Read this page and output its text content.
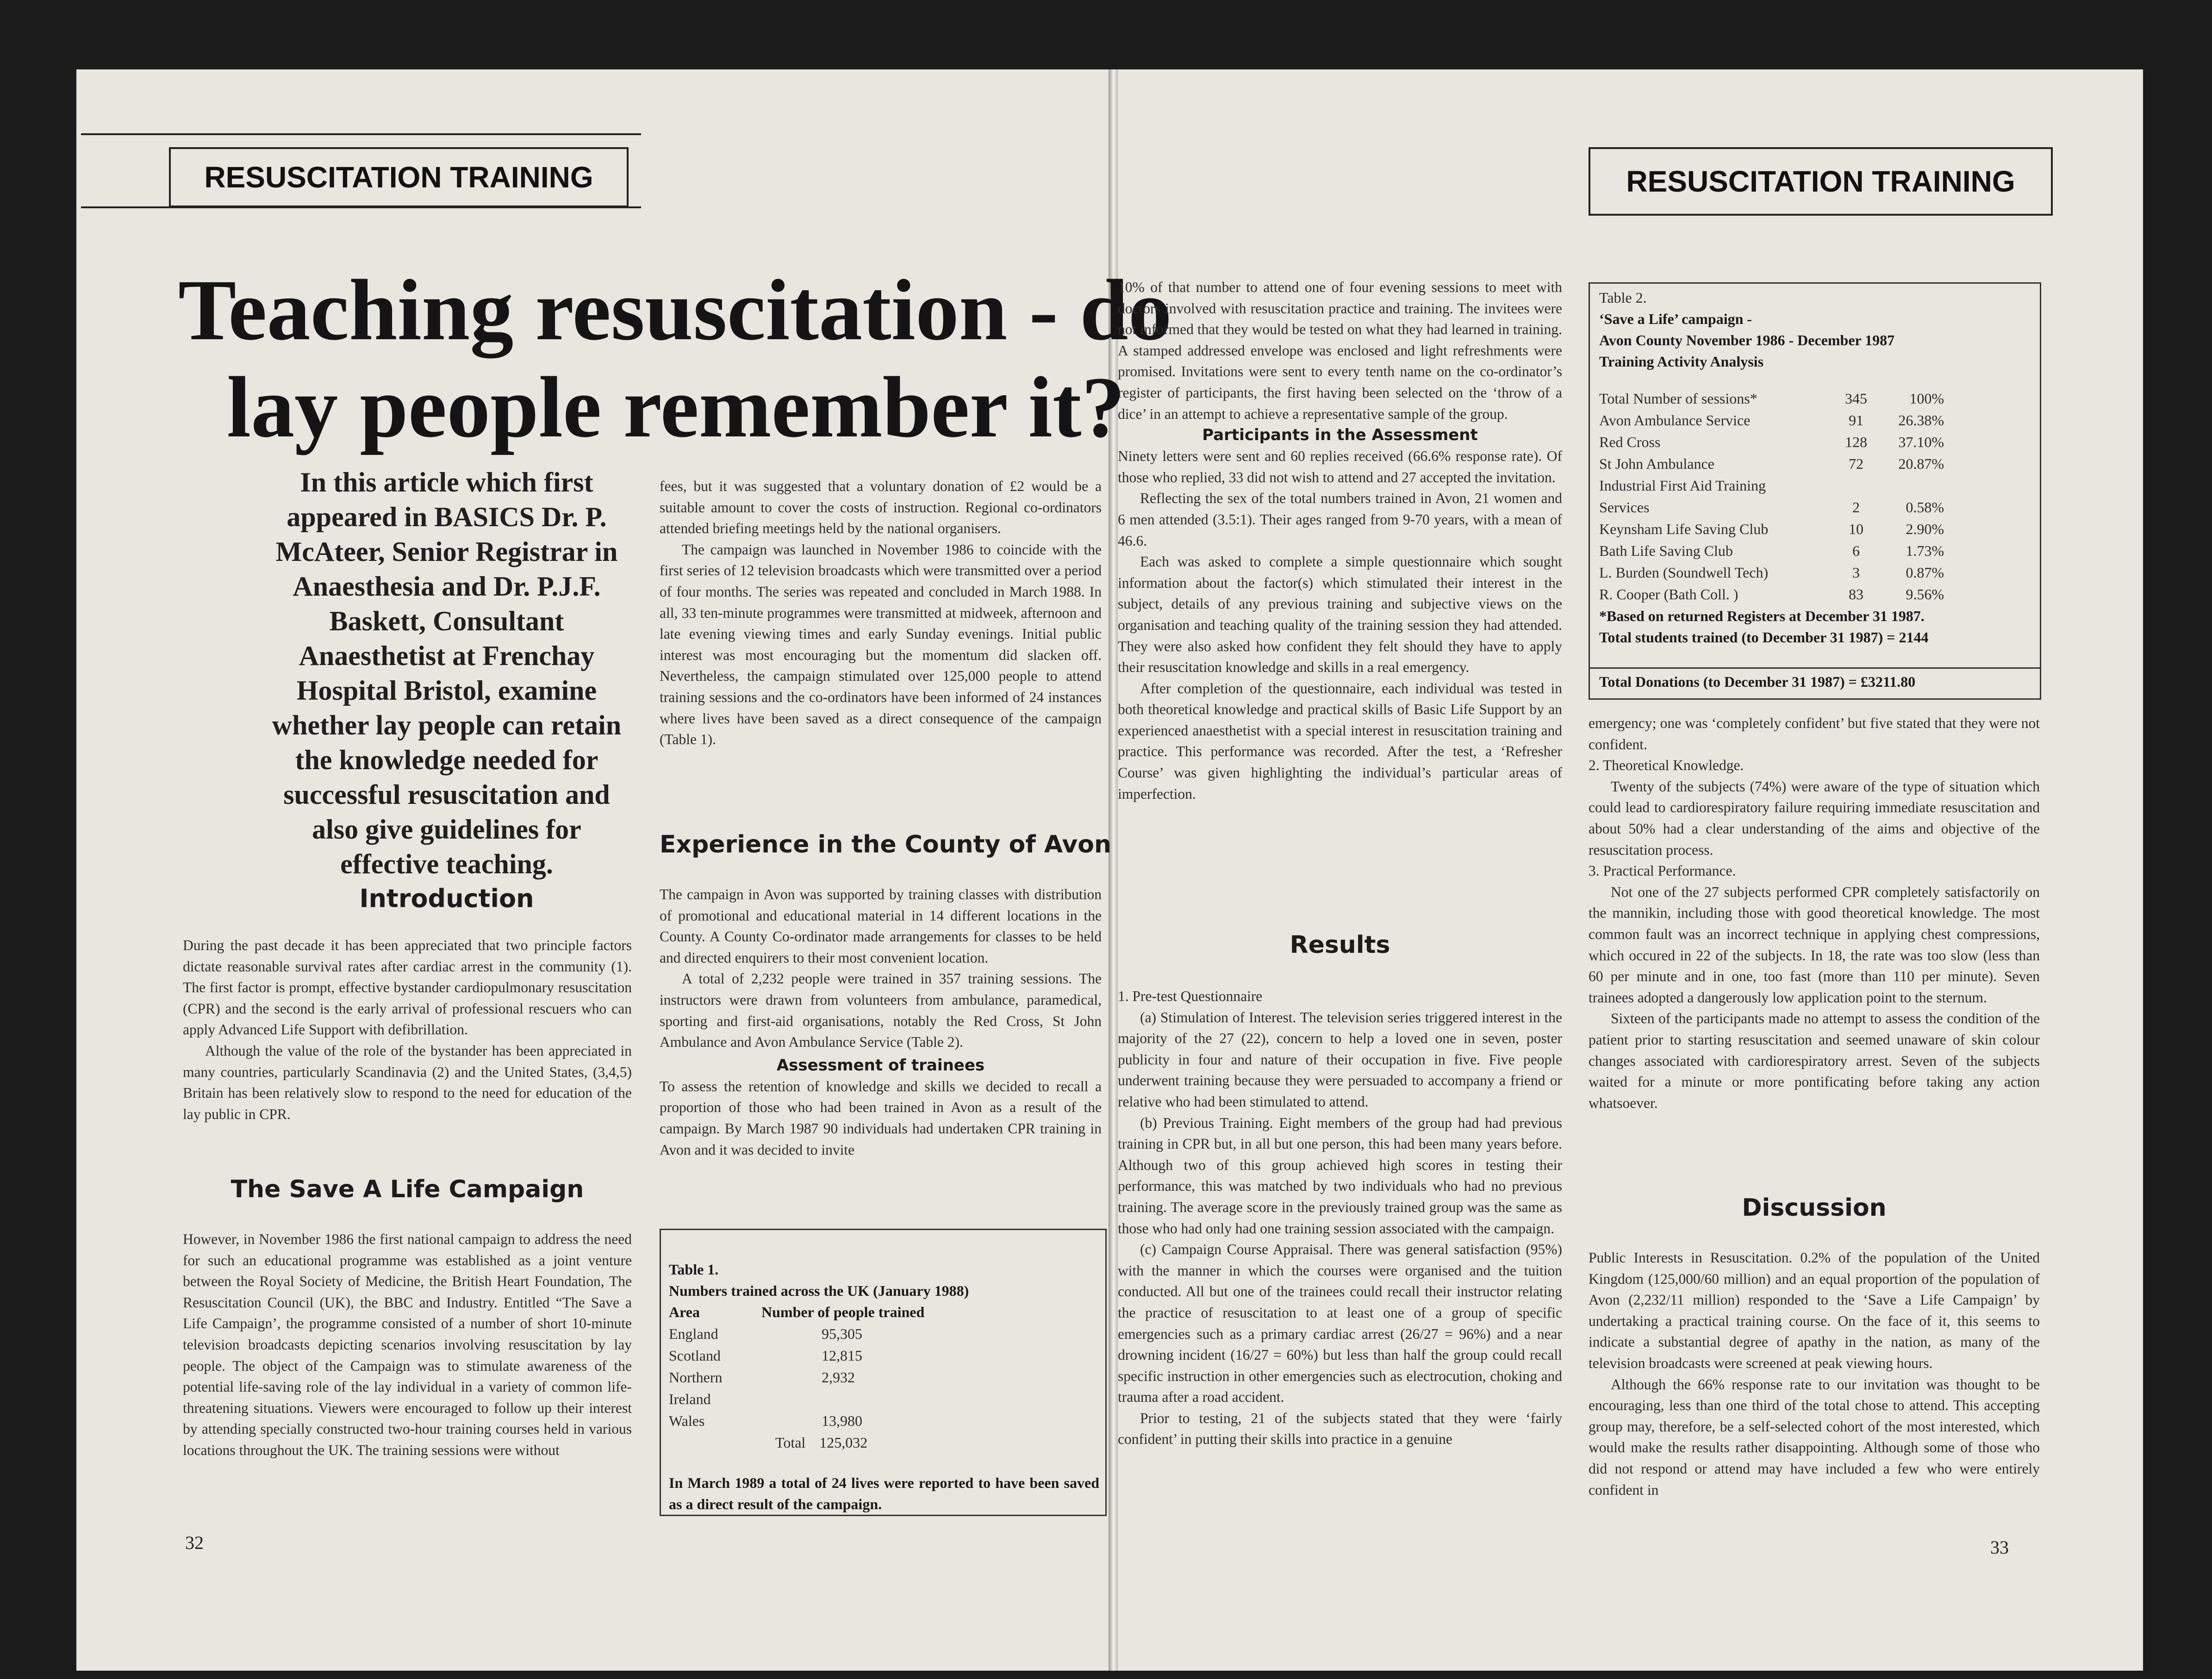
RESUSCITATION TRAINING
Teaching resuscitation - do
lay people remember it?
In this article which first
appeared in BASICS Dr. P.
McAteer, Senior Registrar in
Anaesthesia and Dr. P.J.F.
Baskett, Consultant
Anaesthetist at Frenchay
Hospital Bristol, examine
whether lay people can retain
the knowledge needed for
successful resuscitation and
also give guidelines for
effective teaching.
Introduction

During the past decade it has been appreciated that two principle factors dictate reasonable survival rates after cardiac arrest in the community (1). The first factor is prompt, effective bystander cardiopulmonary resuscitation (CPR) and the second is the early arrival of professional rescuers who can apply Advanced Life Support with defibrillation.

Although the value of the role of the bystander has been appreciated in many countries, particularly Scandinavia (2) and the United States, (3,4,5) Britain has been relatively slow to respond to the need for education of the lay public in CPR.

The Save A Life Campaign

However, in November 1986 the first national campaign to address the need for such an educational programme was established as a joint venture between the Royal Society of Medicine, the British Heart Foundation, The Resuscitation Council (UK), the BBC and Industry. Entitled “The Save a Life Campaign’, the programme consisted of a number of short 10-minute television broadcasts depicting scenarios involving resuscitation by lay people. The object of the Campaign was to stimulate awareness of the potential life-saving role of the lay individual in a variety of common life-threatening situations. Viewers were encouraged to follow up their interest by attending specially constructed two-hour training courses held in various locations throughout the UK. The training sessions were without

32

fees, but it was suggested that a voluntary donation of £2 would be a suitable amount to cover the costs of instruction. Regional co-ordinators attended briefing meetings held by the national organisers.

The campaign was launched in November 1986 to coincide with the first series of 12 television broadcasts which were transmitted over a period of four months. The series was repeated and concluded in March 1988. In all, 33 ten-minute programmes were transmitted at midweek, afternoon and late evening viewing times and early Sunday evenings. Initial public interest was most encouraging but the momentum did slacken off. Nevertheless, the campaign stimulated over 125,000 people to attend training sessions and the co-ordinators have been informed of 24 instances where lives have been saved as a direct consequence of the campaign (Table 1).

Experience in the County of Avon

The campaign in Avon was supported by training classes with distribution of promotional and educational material in 14 different locations in the County. A County Co-ordinator made arrangements for classes to be held and directed enquirers to their most convenient location.

A total of 2,232 people were trained in 357 training sessions. The instructors were drawn from volunteers from ambulance, paramedical, sporting and first-aid organisations, notably the Red Cross, St John Ambulance and Avon Ambulance Service (Table 2).

Assessment of trainees

To assess the retention of knowledge and skills we decided to recall a proportion of those who had been trained in Avon as a result of the campaign. By March 1987 90 individuals had undertaken CPR training in Avon and it was decided to invite

Table 1.
Numbers trained across the UK (January 1988)
Area	Number of people trained
England	95,305
Scotland	12,815
Northern Ireland	2,932
Wales	13,980
	Total 125,032
In March 1989 a total of 24 lives were reported to have been saved as a direct result of the campaign.
RESUSCITATION TRAINING

10% of that number to attend one of four evening sessions to meet with doctors involved with resuscitation practice and training. The invitees were not informed that they would be tested on what they had learned in training. A stamped addressed envelope was enclosed and light refreshments were promised. Invitations were sent to every tenth name on the co-ordinator’s register of participants, the first having been selected on the ‘throw of a dice’ in an attempt to achieve a representative sample of the group.

Participants in the Assessment

Ninety letters were sent and 60 replies received (66.6% response rate). Of those who replied, 33 did not wish to attend and 27 accepted the invitation.

Reflecting the sex of the total numbers trained in Avon, 21 women and 6 men attended (3.5:1). Their ages ranged from 9-70 years, with a mean of 46.6.

Each was asked to complete a simple questionnaire which sought information about the factor(s) which stimulated their interest in the subject, details of any previous training and subjective views on the organisation and teaching quality of the training session they had attended. They were also asked how confident they felt should they have to apply their resuscitation knowledge and skills in a real emergency.

After completion of the questionnaire, each individual was tested in both theoretical knowledge and practical skills of Basic Life Support by an experienced anaesthetist with a special interest in resuscitation training and practice. This performance was recorded. After the test, a ‘Refresher Course’ was given highlighting the individual’s particular areas of imperfection.

Results

1. Pre-test Questionnaire

(a) Stimulation of Interest. The television series triggered interest in the majority of the 27 (22), concern to help a loved one in seven, poster publicity in four and nature of their occupation in five. Five people underwent training because they were persuaded to accompany a friend or relative who had been stimulated to attend.

(b) Previous Training. Eight members of the group had had previous training in CPR but, in all but one person, this had been many years before. Although two of this group achieved high scores in testing their performance, this was matched by two individuals who had no previous training. The average score in the previously trained group was the same as those who had only had one training session associated with the campaign.

(c) Campaign Course Appraisal. There was general satisfaction (95%) with the manner in which the courses were organised and the tuition conducted. All but one of the trainees could recall their instructor relating the practice of resuscitation to at least one of a group of specific emergencies such as a primary cardiac arrest (26/27 = 96%) and a near drowning incident (16/27 = 60%) but less than half the group could recall specific instruction in other emergencies such as electrocution, choking and trauma after a road accident.

Prior to testing, 21 of the subjects stated that they were ‘fairly confident’ in putting their skills into practice in a genuine

Table 2.
‘Save a Life’ campaign -
Avon County November 1986 - December 1987
Training Activity Analysis
Total Number of sessions*	345	100%
Avon Ambulance Service	91	26.38%
Red Cross	128	37.10%
St John Ambulance	72	20.87%
Industrial First Aid Training		
Services	2	0.58%
Keynsham Life Saving Club	10	2.90%
Bath Life Saving Club	6	1.73%
L. Burden (Soundwell Tech)	3	0.87%
R. Cooper (Bath Coll. )	83	9.56%
*Based on returned Registers at December 31 1987.
Total students trained (to December 31 1987) = 2144
Total Donations (to December 31 1987) = £3211.80

emergency; one was ‘completely confident’ but five stated that they were not confident.

2. Theoretical Knowledge.

Twenty of the subjects (74%) were aware of the type of situation which could lead to cardiorespiratory failure requiring immediate resuscitation and about 50% had a clear understanding of the aims and objective of the resuscitation process.

3. Practical Performance.

Not one of the 27 subjects performed CPR completely satisfactorily on the mannikin, including those with good theoretical knowledge. The most common fault was an incorrect technique in applying chest compressions, which occured in 22 of the subjects. In 18, the rate was too slow (less than 60 per minute and in one, too fast (more than 110 per minute). Seven trainees adopted a dangerously low application point to the sternum.

Sixteen of the participants made no attempt to assess the condition of the patient prior to starting resuscitation and seemed unaware of skin colour changes associated with cardiorespiratory arrest. Seven of the subjects waited for a minute or more pontificating before taking any action whatsoever.

Discussion

Public Interests in Resuscitation. 0.2% of the population of the United Kingdom (125,000/60 million) and an equal proportion of the population of Avon (2,232/11 million) responded to the ‘Save a Life Campaign’ by undertaking a practical training course. On the face of it, this seems to indicate a substantial degree of apathy in the nation, as many of the television broadcasts were screened at peak viewing hours.

Although the 66% response rate to our invitation was thought to be encouraging, less than one third of the total chose to attend. This accepting group may, therefore, be a self-selected cohort of the most interested, which would make the results rather disappointing. Although some of those who did not respond or attend may have included a few who were entirely confident in

33
